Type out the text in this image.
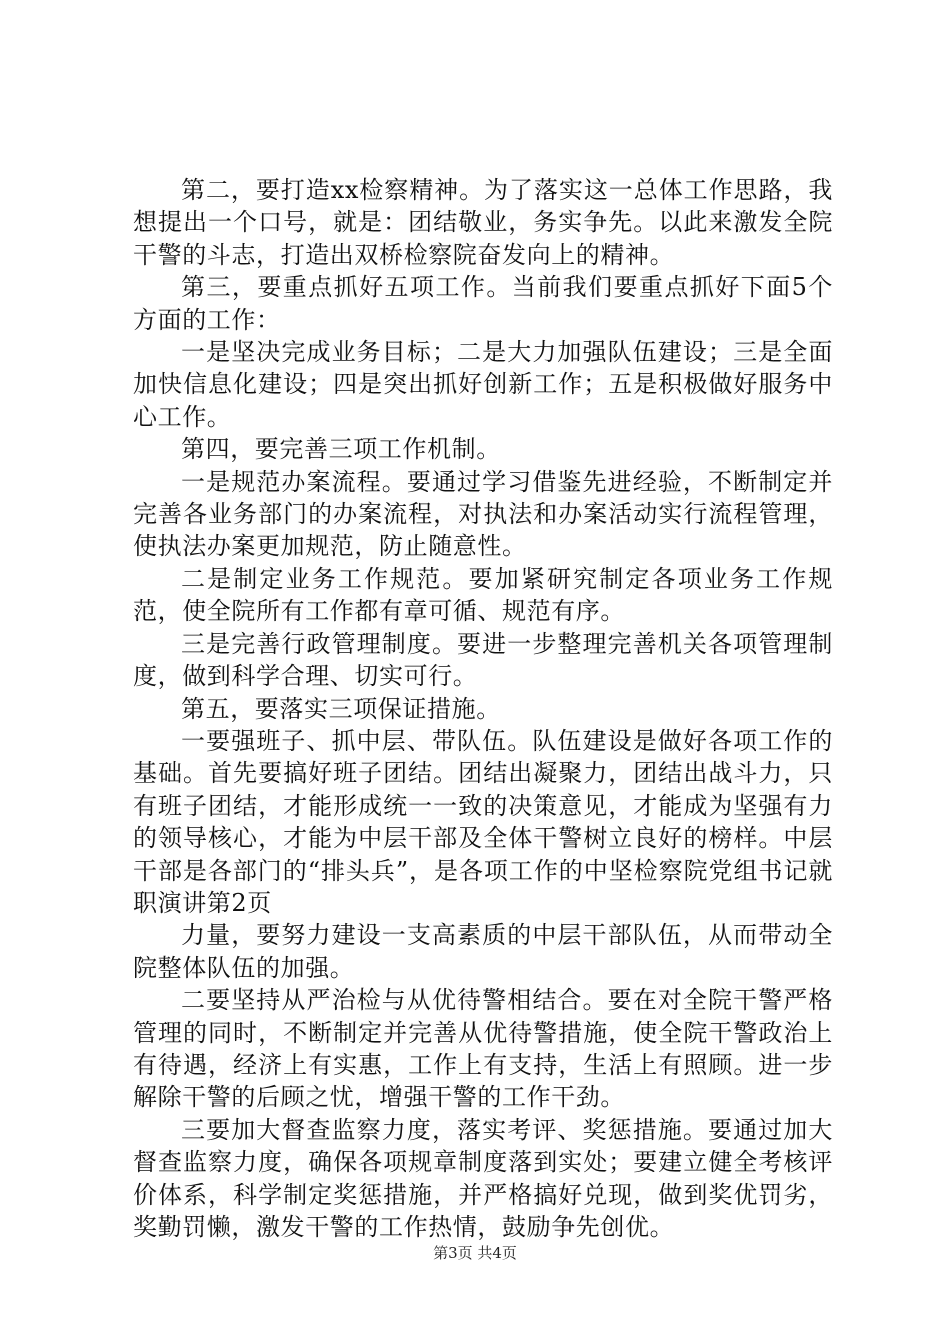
第二，要打造xx检察精神。为了落实这一总体工作思路，我想提出一个口号，就是：团结敬业，务实争先。以此来激发全院干警的斗志，打造出双桥检察院奋发向上的精神。

第三，要重点抓好五项工作。当前我们要重点抓好下面5个方面的工作：

一是坚决完成业务目标；二是大力加强队伍建设；三是全面加快信息化建设；四是突出抓好创新工作；五是积极做好服务中心工作。

第四，要完善三项工作机制。

一是规范办案流程。要通过学习借鉴先进经验，不断制定并完善各业务部门的办案流程，对执法和办案活动实行流程管理，使执法办案更加规范，防止随意性。

二是制定业务工作规范。要加紧研究制定各项业务工作规范，使全院所有工作都有章可循、规范有序。

三是完善行政管理制度。要进一步整理完善机关各项管理制度，做到科学合理、切实可行。

第五，要落实三项保证措施。

一要强班子、抓中层、带队伍。队伍建设是做好各项工作的基础。首先要搞好班子团结。团结出凝聚力，团结出战斗力，只有班子团结，才能形成统一一致的决策意见，才能成为坚强有力的领导核心，才能为中层干部及全体干警树立良好的榜样。中层干部是各部门的“排头兵”，是各项工作的中坚检察院党组书记就职演讲第2页

力量，要努力建设一支高素质的中层干部队伍，从而带动全院整体队伍的加强。

二要坚持从严治检与从优待警相结合。要在对全院干警严格管理的同时，不断制定并完善从优待警措施，使全院干警政治上有待遇，经济上有实惠，工作上有支持，生活上有照顾。进一步解除干警的后顾之忧，增强干警的工作干劲。

三要加大督查监察力度，落实考评、奖惩措施。要通过加大督查监察力度，确保各项规章制度落到实处；要建立健全考核评价体系，科学制定奖惩措施，并严格搞好兑现，做到奖优罚劣，奖勤罚懒，激发干警的工作热情，鼓励争先创优。

第3页 共4页
